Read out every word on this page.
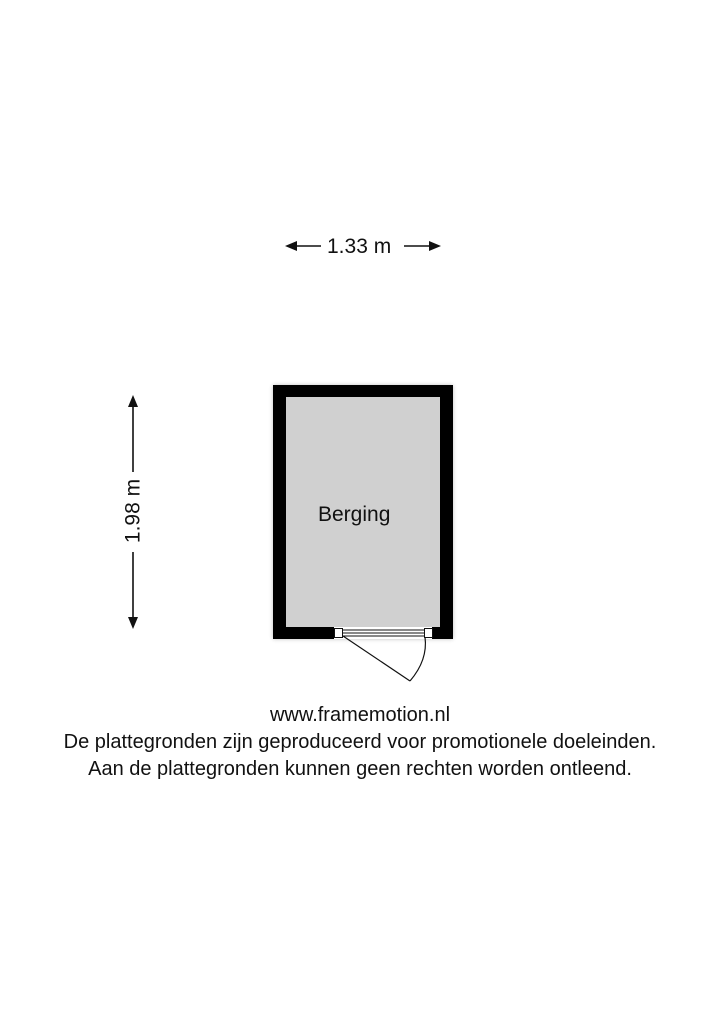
1.33 m
1.98 m	Berging
www.framemotion.nl
De plattegronden zijn geproduceerd voor promotionele doeleinden.
Aan de plattegronden kunnen geen rechten worden ontleend.
